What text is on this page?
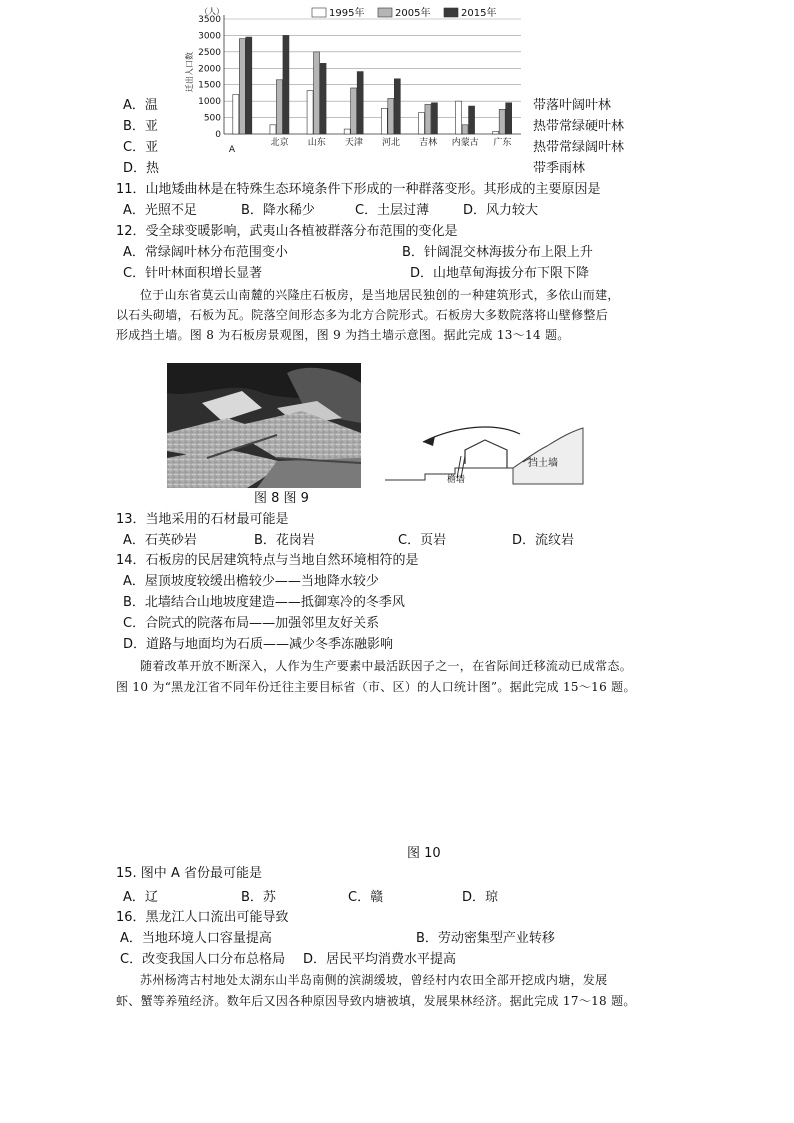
0
500
1000
1500
2000
2500
3000
3500
（人）
迁出人口数
A
北京 山东 天津 河北 吉林 内蒙古 广东
1995年	2005年	2015年
A．温	带落叶阔叶林
B．亚	热带常绿硬叶林
C．亚	热带常绿阔叶林
D．热	带季雨林
11．山地矮曲林是在特殊生态环境条件下形成的一种群落变形。其形成的主要原因是
A．光照不足	B．降水稀少	C．土层过薄	D．风力较大
12．受全球变暖影响，武夷山各植被群落分布范围的变化是
A．常绿阔叶林分布范围变小	B．针阔混交林海拔分布上限上升
C．针叶林面积增长显著	D．山地草甸海拔分布下限下降
位于山东省莫云山南麓的兴隆庄石板房，是当地居民独创的一种建筑形式，多依山而建，
以石头砌墙，石板为瓦。院落空间形态多为北方合院形式。石板房大多数院落将山壁修整后
形成挡土墙。图 8 为石板房景观图，图 9 为挡土墙示意图。据此完成 13～14 题。
挡土墙
檐墙
图 8 图 9
13．当地采用的石材最可能是
A．石英砂岩	B．花岗岩	C．页岩	D．流纹岩
14．石板房的民居建筑特点与当地自然环境相符的是
A．屋顶坡度较缓出檐较少——当地降水较少
B．北墙结合山地坡度建造——抵御寒冷的冬季风
C．合院式的院落布局——加强邻里友好关系
D．道路与地面均为石质——减少冬季冻融影响
随着改革开放不断深入，人作为生产要素中最活跃因子之一，在省际间迁移流动已成常态。
图 10 为“黑龙江省不同年份迁往主要目标省（市、区）的人口统计图”。据此完成 15～16 题。
图 10
15. 图中 A 省份最可能是
A．辽	B．苏	C．赣	D．琼
16．黑龙江人口流出可能导致
A．当地环境人口容量提高	B．劳动密集型产业转移
C．改变我国人口分布总格局 D．居民平均消费水平提高
苏州杨湾古村地处太湖东山半岛南侧的滨湖缓坡，曾经村内农田全部开挖成内塘，发展
虾、蟹等养殖经济。数年后又因各种原因导致内塘被填，发展果林经济。据此完成 17～18 题。
